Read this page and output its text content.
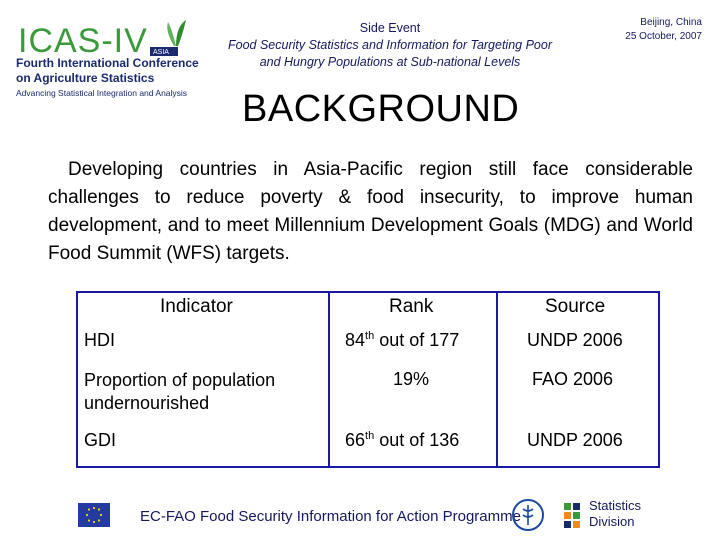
ICAS-IV ASIA
Fourth International Conference
on Agriculture Statistics
Advancing Statistical Integration and Analysis
Side Event
Food Security Statistics and Information for Targeting Poor
and Hungry Populations at Sub-national Levels
Beijing, China
25 October, 2007
BACKGROUND
Developing countries in Asia-Pacific region still face considerable challenges to reduce poverty & food insecurity, to improve human development, and to meet Millennium Development Goals (MDG) and World Food Summit (WFS) targets.
Indicator	Rank	Source
HDI	84th out of 177	UNDP 2006
Proportion of population
undernourished
19%	FAO 2006
GDI	66th out of 136	UNDP 2006
EC-FAO Food Security Information for Action Programme
Statistics
Division
